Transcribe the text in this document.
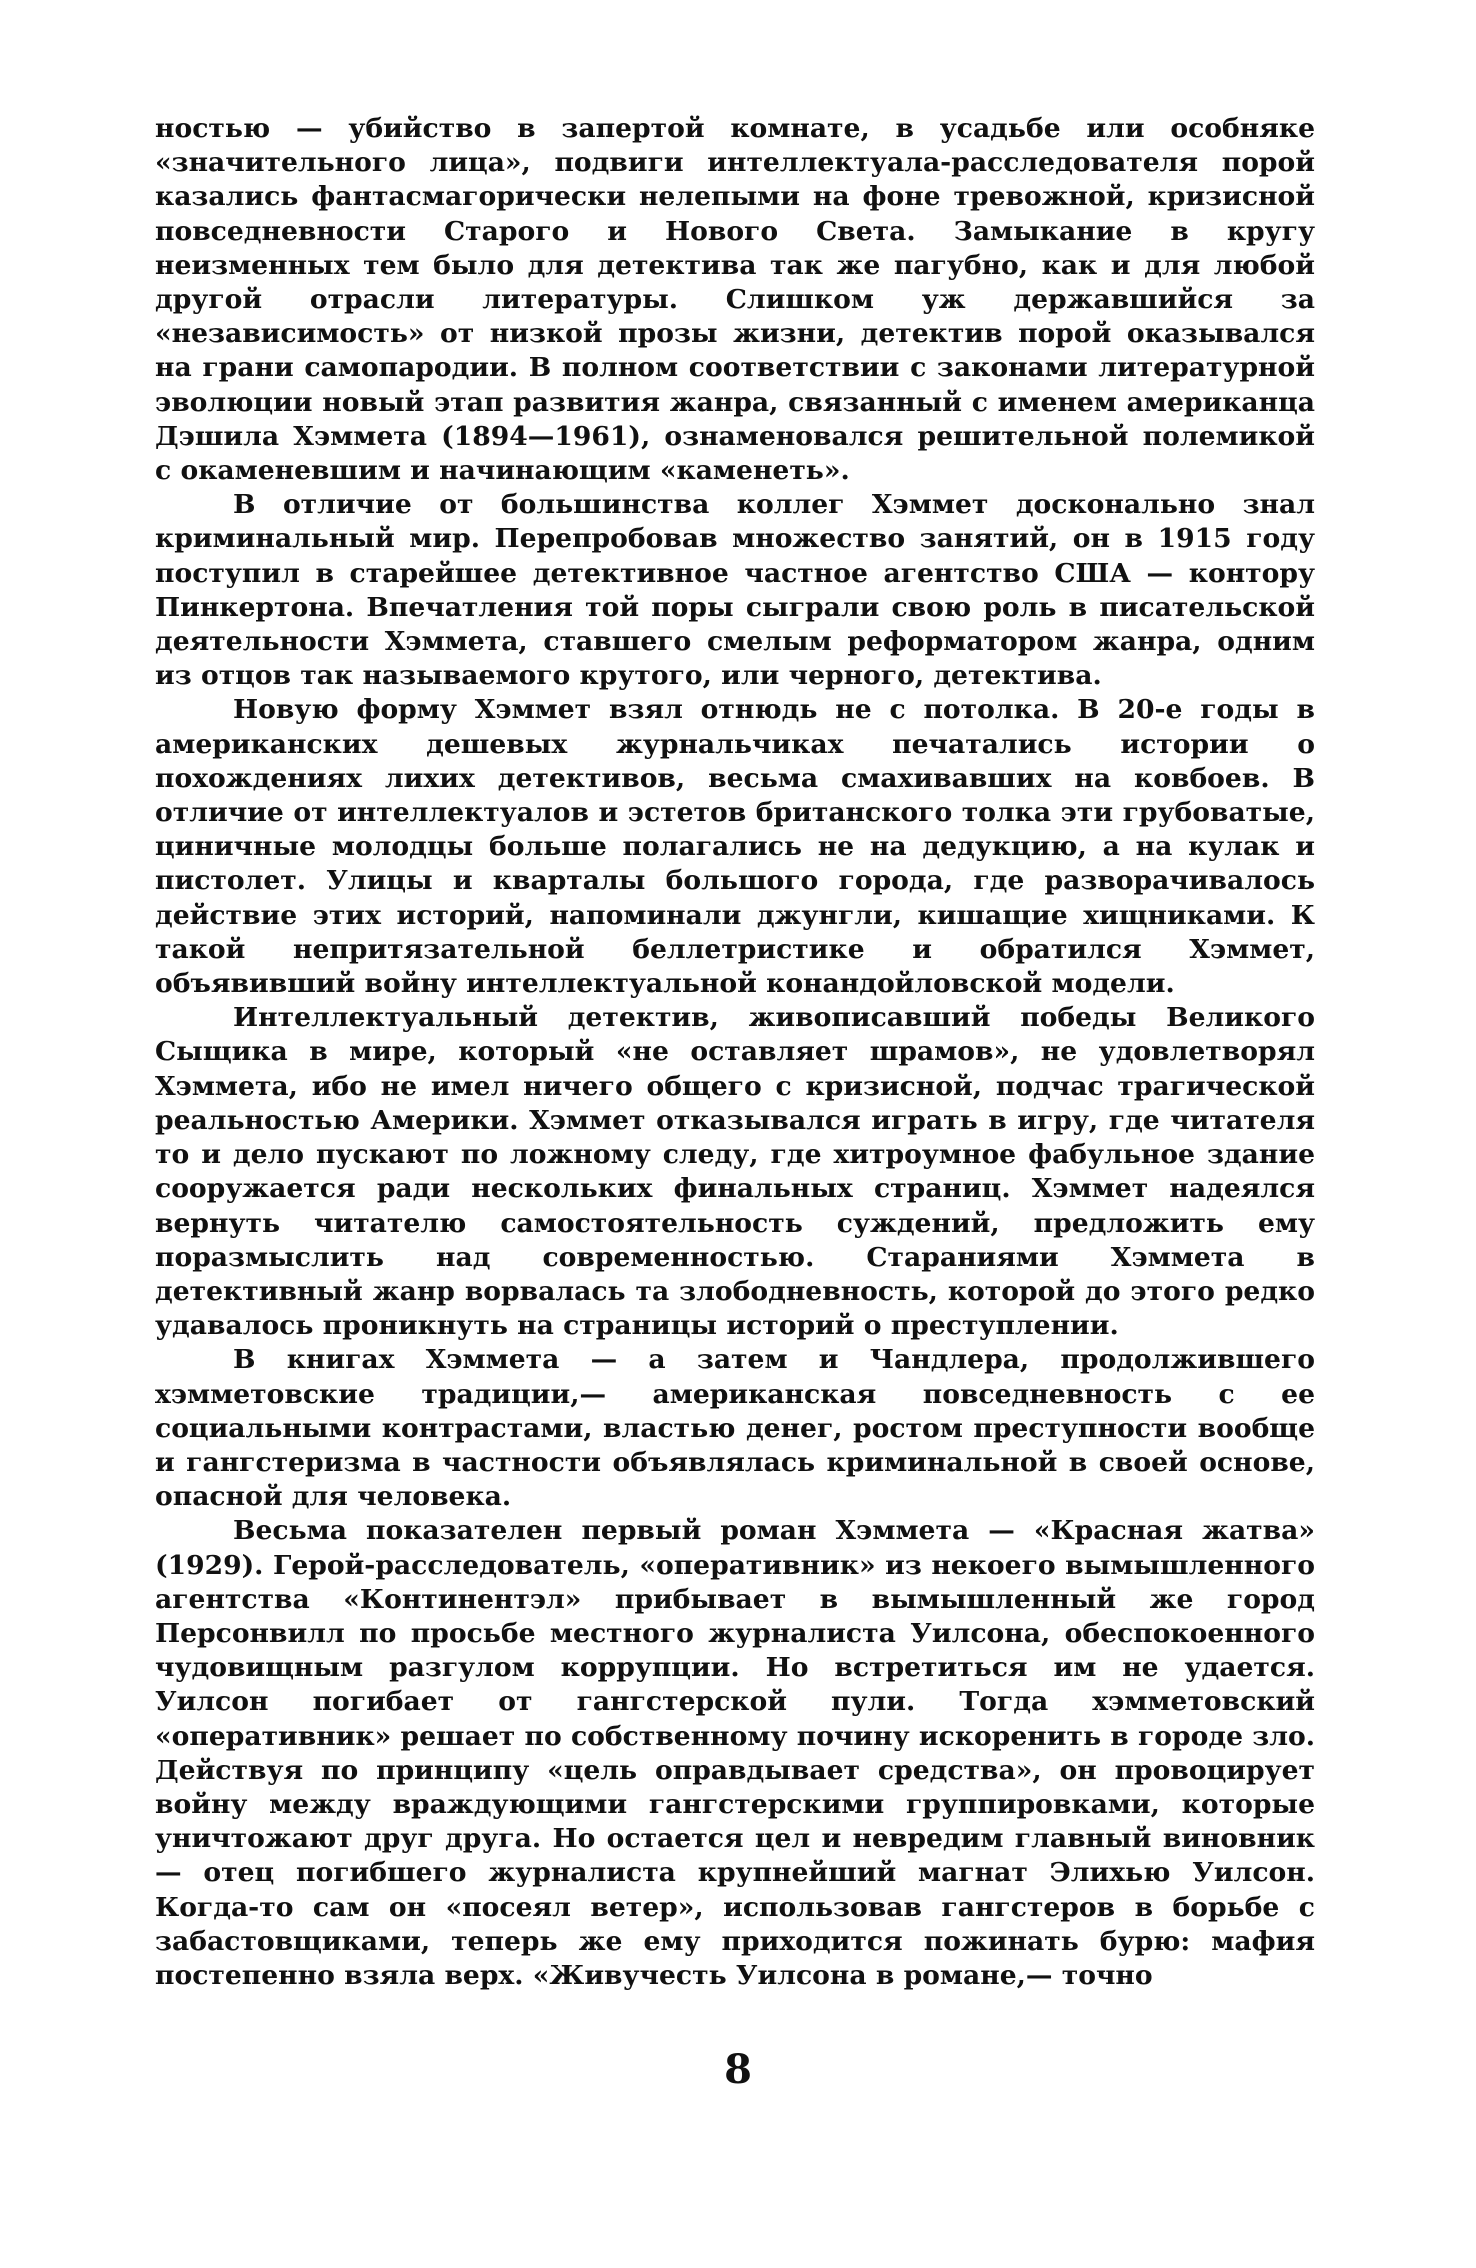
ностью — убийство в запертой комнате, в усадьбе или особняке «значительного лица», подвиги интеллектуала-расследователя порой казались фантасмагорически нелепыми на фоне тревожной, кризисной повседневности Старого и Нового Света. Замыкание в кругу неизменных тем было для детектива так же пагубно, как и для любой другой отрасли литературы. Слишком уж державшийся за «независимость» от низкой прозы жизни, детектив порой оказывался на грани самопародии. В полном соответствии с законами литературной эволюции новый этап развития жанра, связанный с именем американца Дэшила Хэммета (1894—1961), ознаменовался решительной полемикой с окаменевшим и начинающим «каменеть».

В отличие от большинства коллег Хэммет досконально знал криминальный мир. Перепробовав множество занятий, он в 1915 году поступил в старейшее детективное частное агентство США — контору Пинкертона. Впечатления той поры сыграли свою роль в писательской деятельности Хэммета, ставшего смелым реформатором жанра, одним из отцов так называемого крутого, или черного, детектива.

Новую форму Хэммет взял отнюдь не с потолка. В 20-е годы в американских дешевых журнальчиках печатались истории о похождениях лихих детективов, весьма смахивавших на ковбоев. В отличие от интеллектуалов и эстетов британского толка эти грубоватые, циничные молодцы больше полагались не на дедукцию, а на кулак и пистолет. Улицы и кварталы большого города, где разворачивалось действие этих историй, напоминали джунгли, кишащие хищниками. К такой непритязательной беллетристике и обратился Хэммет, объявивший войну интеллектуальной конандойловской модели.

Интеллектуальный детектив, живописавший победы Великого Сыщика в мире, который «не оставляет шрамов», не удовлетворял Хэммета, ибо не имел ничего общего с кризисной, подчас трагической реальностью Америки. Хэммет отказывался играть в игру, где читателя то и дело пускают по ложному следу, где хитроумное фабульное здание сооружается ради нескольких финальных страниц. Хэммет надеялся вернуть читателю самостоятельность суждений, предложить ему поразмыслить над современностью. Стараниями Хэммета в детективный жанр ворвалась та злободневность, которой до этого редко удавалось проникнуть на страницы историй о преступлении.

В книгах Хэммета — а затем и Чандлера, продолжившего хэмметовские традиции,— американская повседневность с ее социальными контрастами, властью денег, ростом преступности вообще и гангстеризма в частности объявлялась криминальной в своей основе, опасной для человека.

Весьма показателен первый роман Хэммета — «Красная жатва» (1929). Герой-расследователь, «оперативник» из некоего вымышленного агентства «Континентэл» прибывает в вымышленный же город Персонвилл по просьбе местного журналиста Уилсона, обеспокоенного чудовищным разгулом коррупции. Но встретиться им не удается. Уилсон погибает от гангстерской пули. Тогда хэмметовский «оперативник» решает по собственному почину искоренить в городе зло. Действуя по принципу «цель оправдывает средства», он провоцирует войну между враждующими гангстерскими группировками, которые уничтожают друг друга. Но остается цел и невредим главный виновник — отец погибшего журналиста крупнейший магнат Элихью Уилсон. Когда-то сам он «посеял ветер», использовав гангстеров в борьбе с забастовщиками, теперь же ему приходится пожинать бурю: мафия постепенно взяла верх. «Живучесть Уилсона в романе,— точно

8
